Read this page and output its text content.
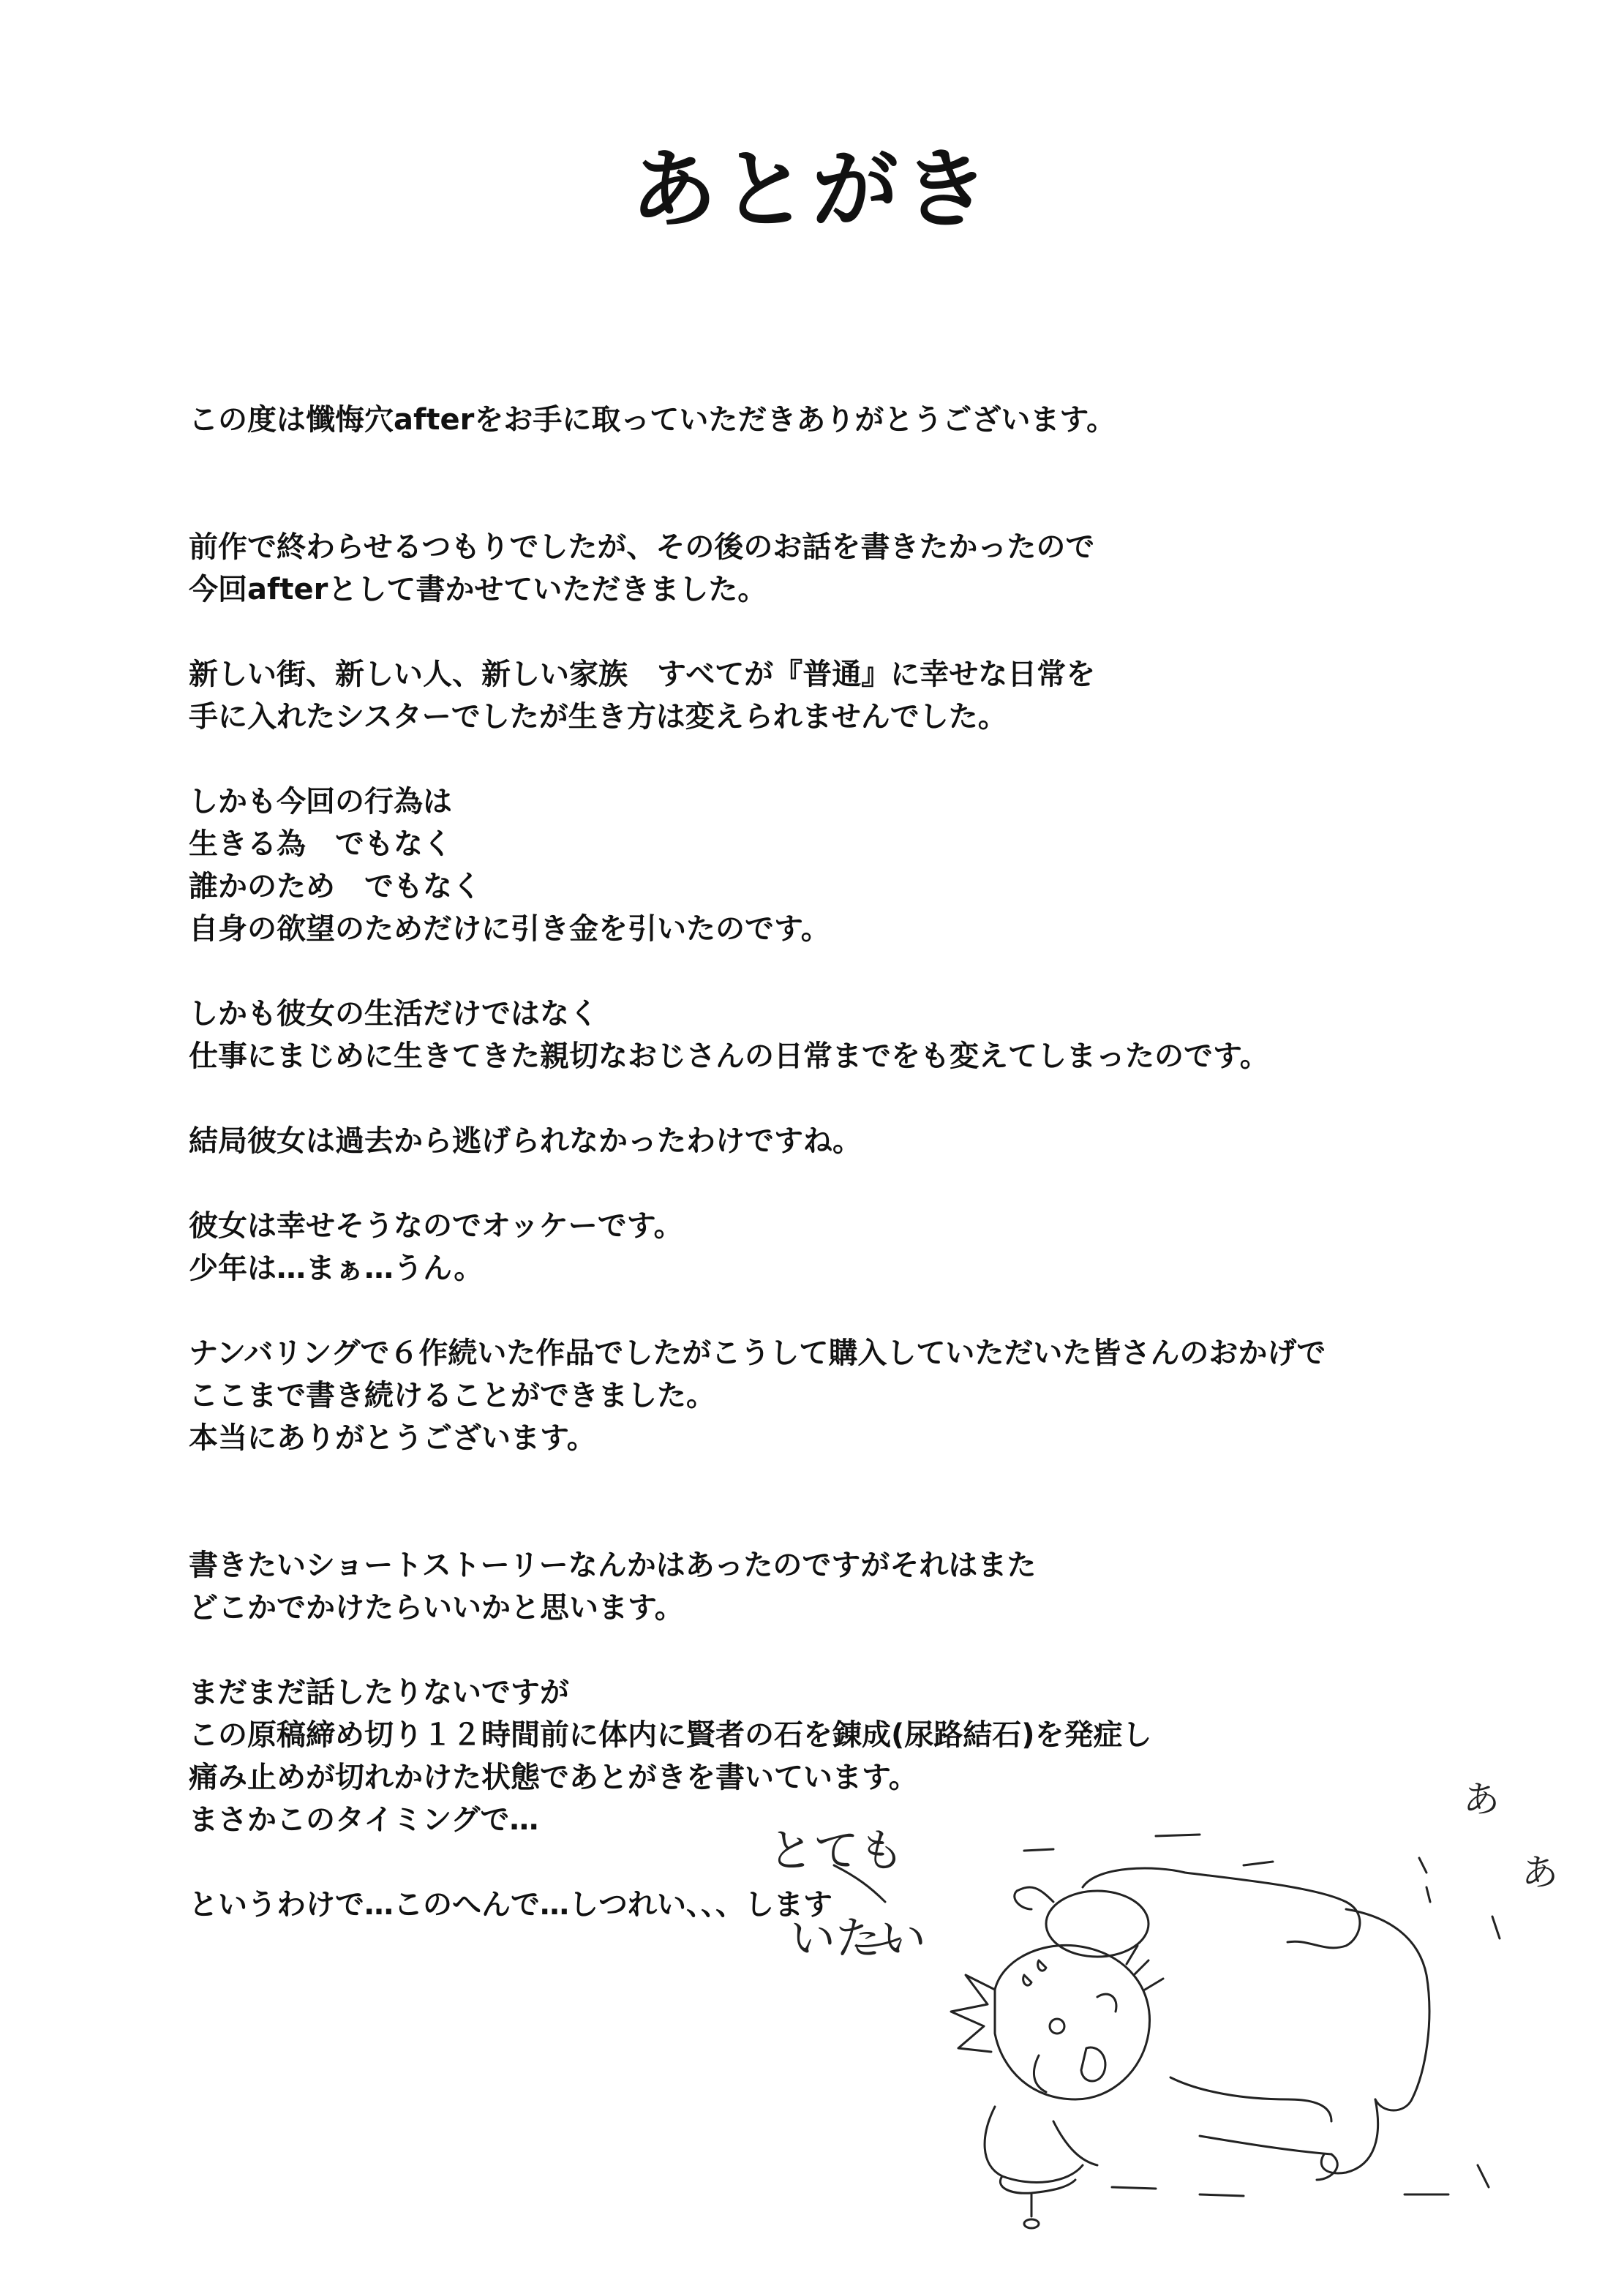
あとがき
この度は懺悔穴afterをお手に取っていただきありがとうございます。
前作で終わらせるつもりでしたが、その後のお話を書きたかったので
今回afterとして書かせていただきました。
新しい街、新しい人、新しい家族　すべてが『普通』に幸せな日常を
手に入れたシスターでしたが生き方は変えられませんでした。
しかも今回の行為は
生きる為　でもなく
誰かのため　でもなく
自身の欲望のためだけに引き金を引いたのです。
しかも彼女の生活だけではなく
仕事にまじめに生きてきた親切なおじさんの日常までをも変えてしまったのです。
結局彼女は過去から逃げられなかったわけですね。
彼女は幸せそうなのでオッケーです。
少年は…まぁ…うん。
ナンバリングで６作続いた作品でしたがこうして購入していただいた皆さんのおかげで
ここまで書き続けることができました。
本当にありがとうございます。
書きたいショートストーリーなんかはあったのですがそれはまた
どこかでかけたらいいかと思います。
まだまだ話したりないですが
この原稿締め切り１２時間前に体内に賢者の石を錬成(尿路結石)を発症し
痛み止めが切れかけた状態であとがきを書いています。
まさかこのタイミングで…
というわけで…このへんで…しつれい、、、します
とても
いたい
あ
あ
